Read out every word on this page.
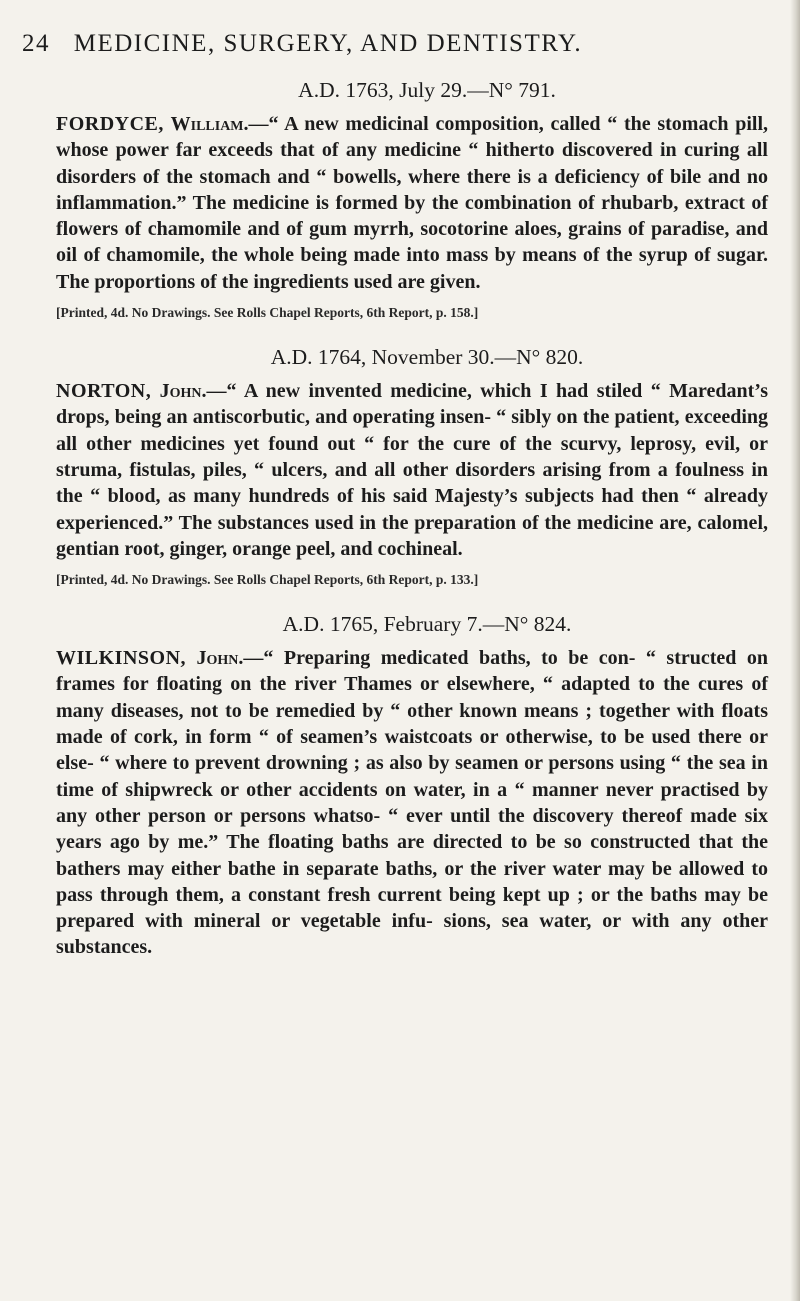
24 MEDICINE, SURGERY, AND DENTISTRY.

A.D. 1763, July 29.—N° 791.

FORDYCE, William.—“ A new medicinal composition, called “ the stomach pill, whose power far exceeds that of any medicine “ hitherto discovered in curing all disorders of the stomach and “ bowells, where there is a deficiency of bile and no inflammation.” The medicine is formed by the combination of rhubarb, extract of flowers of chamomile and of gum myrrh, socotorine aloes, grains of paradise, and oil of chamomile, the whole being made into mass by means of the syrup of sugar. The proportions of the ingredients used are given.

[Printed, 4d. No Drawings. See Rolls Chapel Reports, 6th Report, p. 158.]

A.D. 1764, November 30.—N° 820.

NORTON, John.—“ A new invented medicine, which I had stiled “ Maredant’s drops, being an antiscorbutic, and operating insen- “ sibly on the patient, exceeding all other medicines yet found out “ for the cure of the scurvy, leprosy, evil, or struma, fistulas, piles, “ ulcers, and all other disorders arising from a foulness in the “ blood, as many hundreds of his said Majesty’s subjects had then “ already experienced.” The substances used in the preparation of the medicine are, calomel, gentian root, ginger, orange peel, and cochineal.

[Printed, 4d. No Drawings. See Rolls Chapel Reports, 6th Report, p. 133.]

A.D. 1765, February 7.—N° 824.

WILKINSON, John.—“ Preparing medicated baths, to be con- “ structed on frames for floating on the river Thames or elsewhere, “ adapted to the cures of many diseases, not to be remedied by “ other known means ; together with floats made of cork, in form “ of seamen’s waistcoats or otherwise, to be used there or else- “ where to prevent drowning ; as also by seamen or persons using “ the sea in time of shipwreck or other accidents on water, in a “ manner never practised by any other person or persons whatso- “ ever until the discovery thereof made six years ago by me.” The floating baths are directed to be so constructed that the bathers may either bathe in separate baths, or the river water may be allowed to pass through them, a constant fresh current being kept up ; or the baths may be prepared with mineral or vegetable infu- sions, sea water, or with any other substances.
